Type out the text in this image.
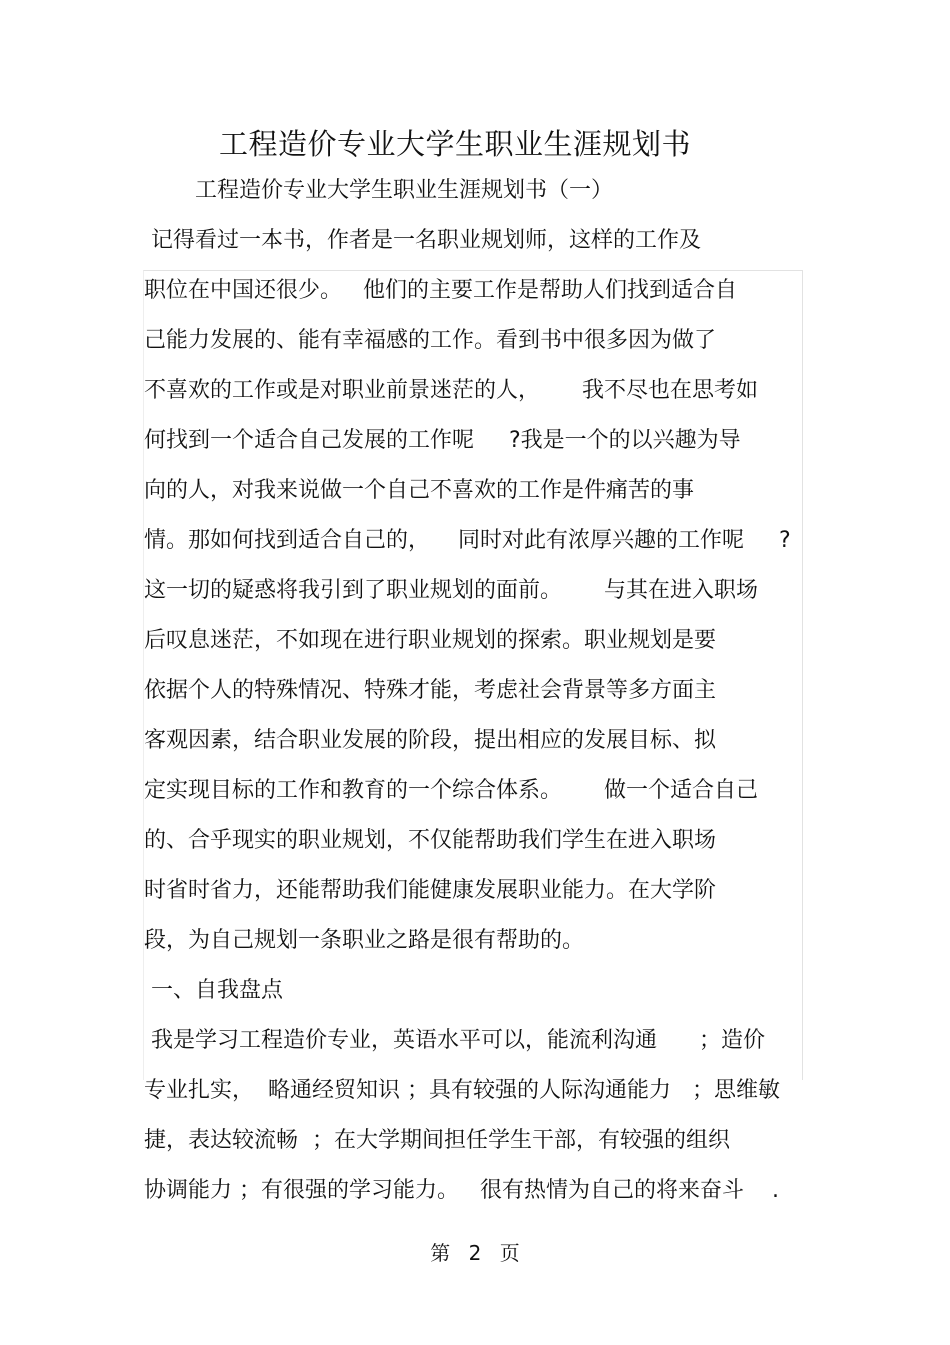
工程造价专业大学生职业生涯规划书
工程造价专业大学生职业生涯规划书（一）
记得看过一本书，作者是一名职业规划师，这样的工作及
职位在中国还很少。   他们的主要工作是帮助人们找到适合自
己能力发展的、能有幸福感的工作。看到书中很多因为做了
不喜欢的工作或是对职业前景迷茫的人，      我不尽也在思考如
何找到一个适合自己发展的工作呢     ?我是一个的以兴趣为导
向的人，对我来说做一个自己不喜欢的工作是件痛苦的事
情。那如何找到适合自己的，    同时对此有浓厚兴趣的工作呢     ?
这一切的疑惑将我引到了职业规划的面前。      与其在进入职场
后叹息迷茫，不如现在进行职业规划的探索。职业规划是要
依据个人的特殊情况、特殊才能，考虑社会背景等多方面主
客观因素，结合职业发展的阶段，提出相应的发展目标、拟
定实现目标的工作和教育的一个综合体系。      做一个适合自己
的、合乎现实的职业规划，不仅能帮助我们学生在进入职场
时省时省力，还能帮助我们能健康发展职业能力。在大学阶
段，为自己规划一条职业之路是很有帮助的。
一、自我盘点
我是学习工程造价专业，英语水平可以，能流利沟通      ；造价
专业扎实，  略通经贸知识 ；具有较强的人际沟通能力   ；思维敏
捷，表达较流畅  ；在大学期间担任学生干部，有较强的组织
协调能力 ；有很强的学习能力。   很有热情为自己的将来奋斗    .
第 2 页
